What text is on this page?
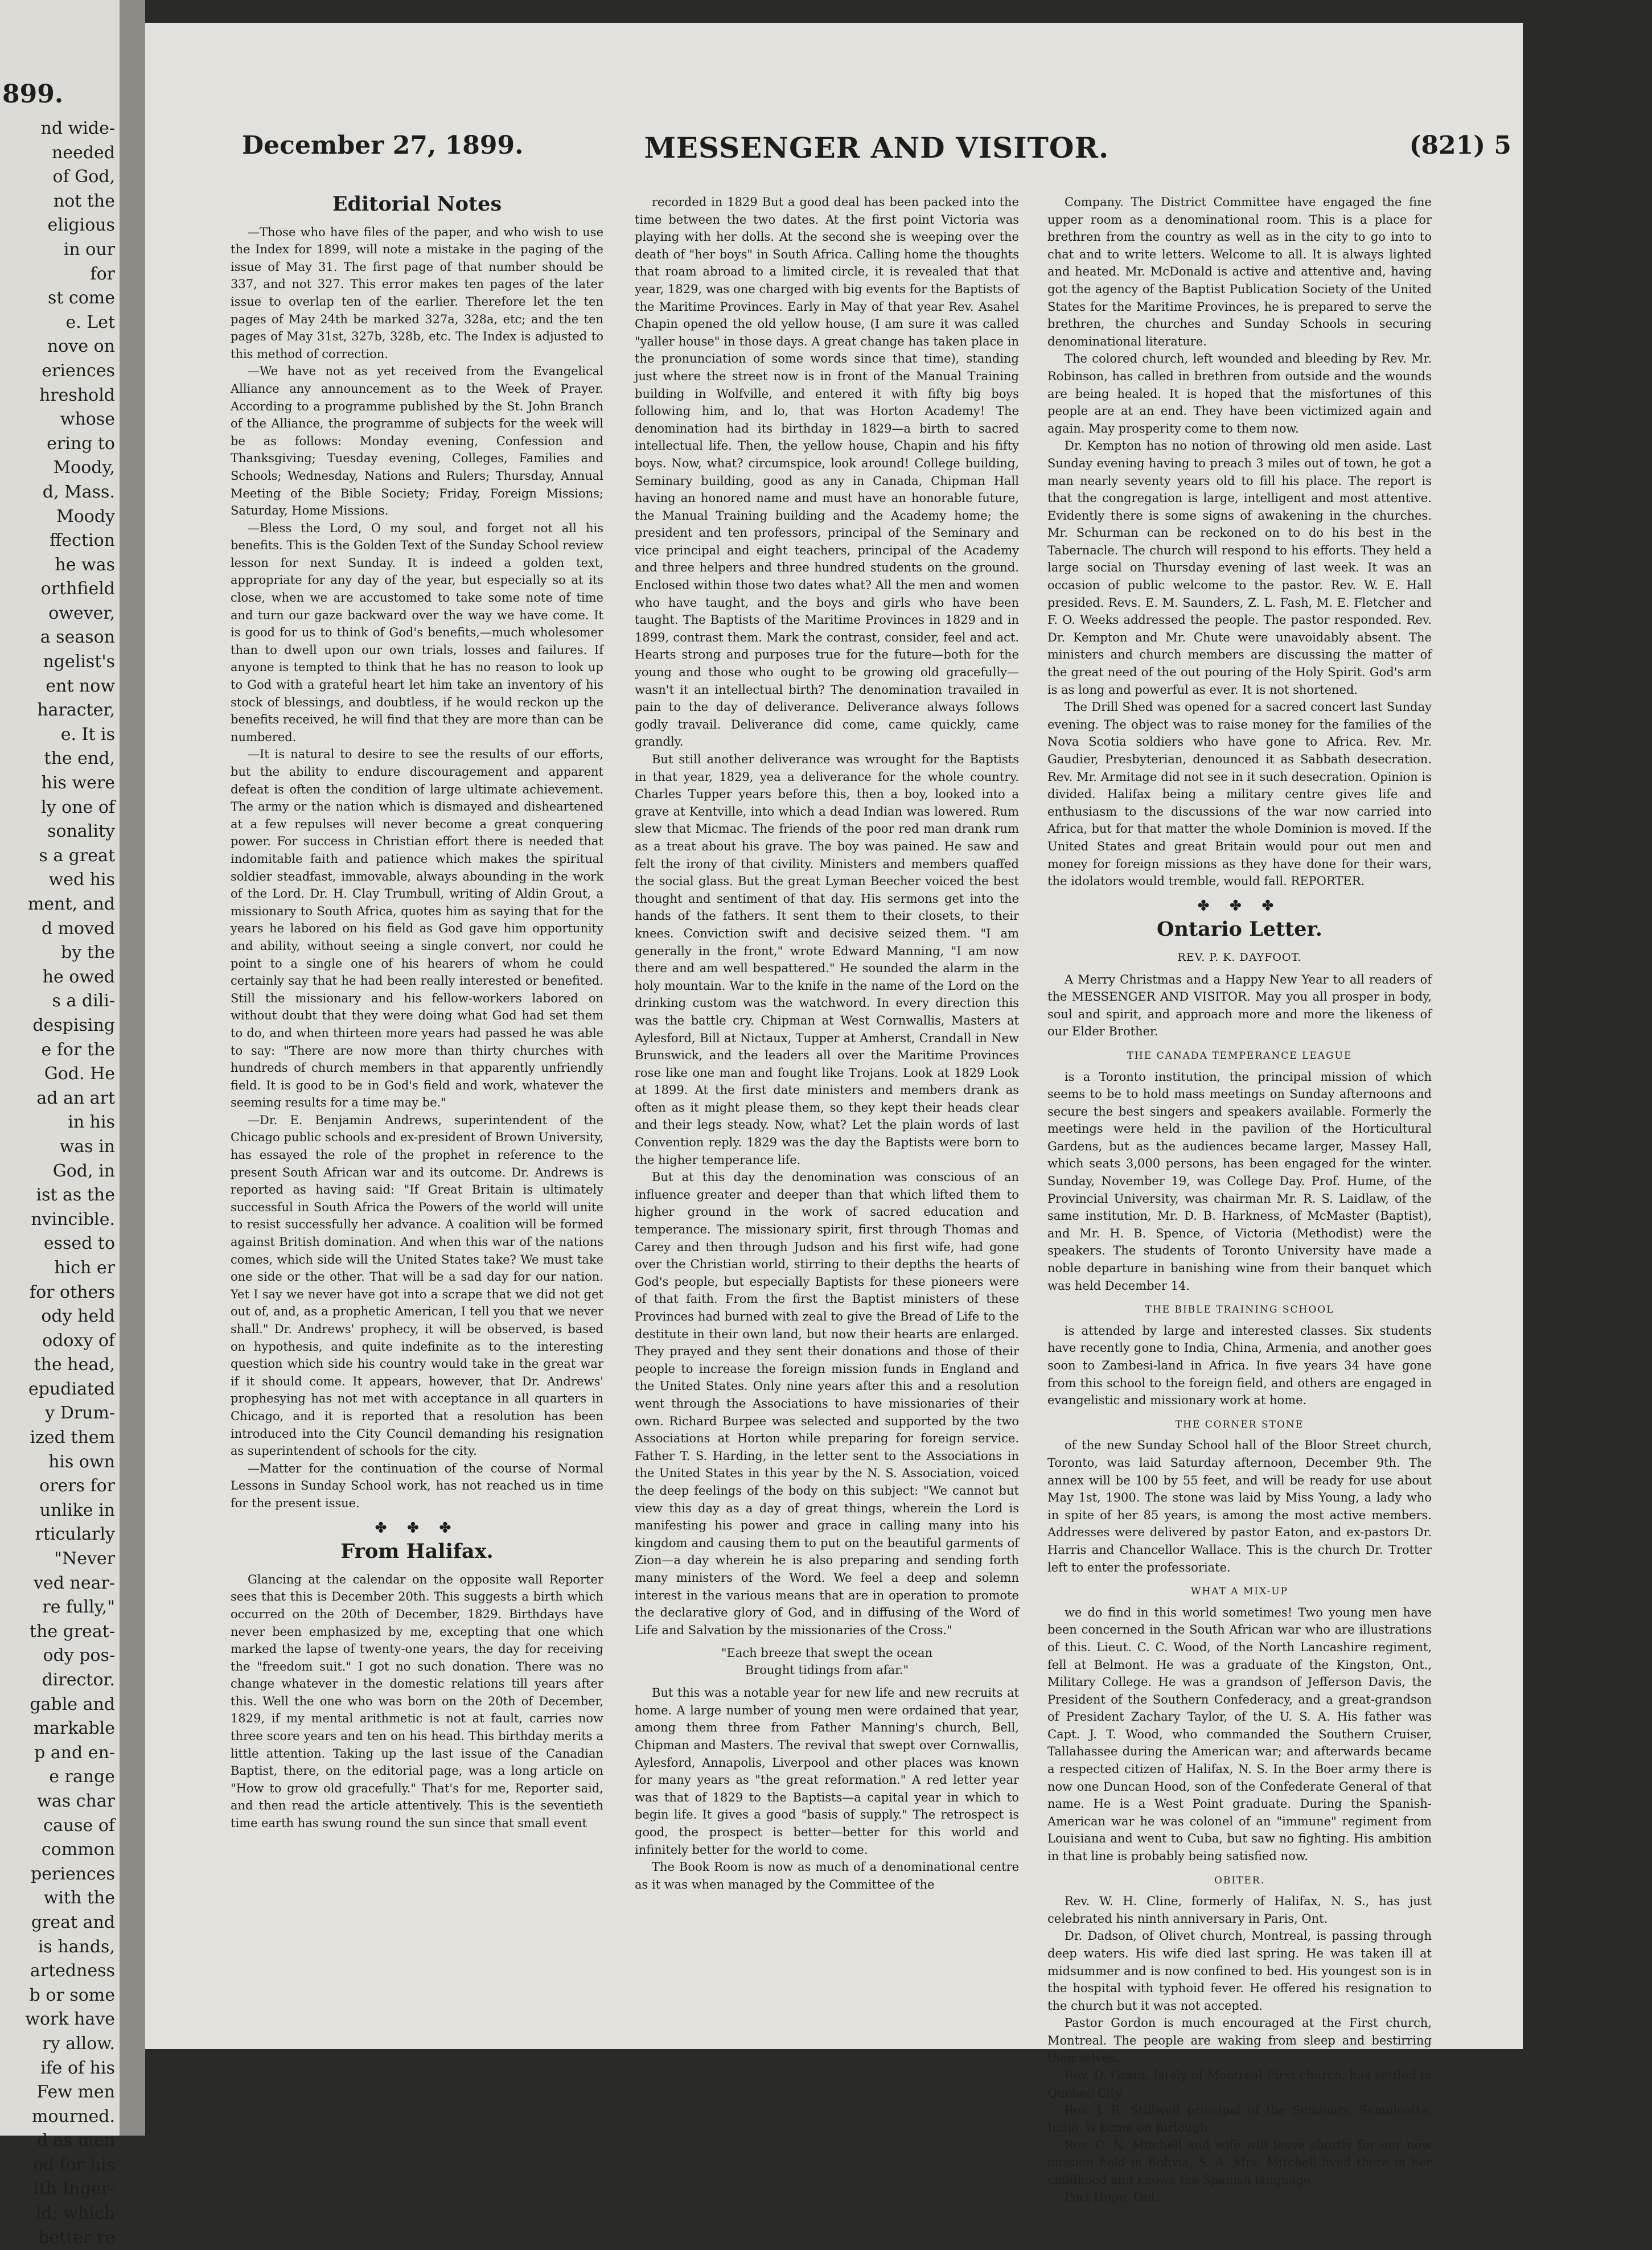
899.
nd wide-
needed
of God,
not the
eligious
in our
for
st come
e. Let
nove on
eriences
hreshold
whose
ering to
Moody,
d, Mass.
Moody
ffection
he was
orthfield
owever,
a season
ngelist's
ent now
haracter,
e. It is
the end,
his were
ly one of
sonality
s a great
wed his
ment, and
d moved
by the
he owed
s a dili-
despising
e for the
God. He
ad an art
in his
was in
God, in
ist as the
nvincible.
essed to
hich er
for others
ody held
odoxy of
the head,
epudiated
y Drum-
ized them
his own
orers for
unlike in
rticularly
"Never
ved near-
re fully,"
the great-
ody pos-
director.
gable and
markable
p and en-
e range
was char
cause of
common
periences
with the
great and
is hands,
artedness
b or some
work have
ry allow.
ife of his
Few men
mourned.
d as men
od for his
ith Inger-
ld; which
better re
December 27, 1899.	MESSENGER AND VISITOR.	(821) 5
Editorial Notes

—Those who have files of the paper, and who wish to use the Index for 1899, will note a mistake in the paging of the issue of May 31. The first page of that number should be 337, and not 327. This error makes ten pages of the later issue to overlap ten of the earlier. Therefore let the ten pages of May 24th be marked 327a, 328a, etc; and the ten pages of May 31st, 327b, 328b, etc. The Index is adjusted to this method of correction.

—We have not as yet received from the Evangelical Alliance any announcement as to the Week of Prayer. According to a programme published by the St. John Branch of the Alliance, the programme of subjects for the week will be as follows: Monday evening, Confession and Thanksgiving; Tuesday evening, Colleges, Families and Schools; Wednesday, Nations and Rulers; Thursday, Annual Meeting of the Bible Society; Friday, Foreign Missions; Saturday, Home Missions.

—Bless the Lord, O my soul, and forget not all his benefits. This is the Golden Text of the Sunday School review lesson for next Sunday. It is indeed a golden text, appropriate for any day of the year, but especially so at its close, when we are accustomed to take some note of time and turn our gaze backward over the way we have come. It is good for us to think of God's benefits,—much wholesomer than to dwell upon our own trials, losses and failures. If anyone is tempted to think that he has no reason to look up to God with a grateful heart let him take an inventory of his stock of blessings, and doubtless, if he would reckon up the benefits received, he will find that they are more than can be numbered.

—It is natural to desire to see the results of our efforts, but the ability to endure discouragement and apparent defeat is often the condition of large ultimate achievement. The army or the nation which is dismayed and disheartened at a few repulses will never become a great conquering power. For success in Christian effort there is needed that indomitable faith and patience which makes the spiritual soldier steadfast, immovable, always abounding in the work of the Lord. Dr. H. Clay Trumbull, writing of Aldin Grout, a missionary to South Africa, quotes him as saying that for the years he labored on his field as God gave him opportunity and ability, without seeing a single convert, nor could he point to a single one of his hearers of whom he could certainly say that he had been really interested or benefited. Still the missionary and his fellow-workers labored on without doubt that they were doing what God had set them to do, and when thirteen more years had passed he was able to say: "There are now more than thirty churches with hundreds of church members in that apparently unfriendly field. It is good to be in God's field and work, whatever the seeming results for a time may be."

—Dr. E. Benjamin Andrews, superintendent of the Chicago public schools and ex-president of Brown University, has essayed the role of the prophet in reference to the present South African war and its outcome. Dr. Andrews is reported as having said: "If Great Britain is ultimately successful in South Africa the Powers of the world will unite to resist successfully her advance. A coalition will be formed against British domination. And when this war of the nations comes, which side will the United States take? We must take one side or the other. That will be a sad day for our nation. Yet I say we never have got into a scrape that we did not get out of, and, as a prophetic American, I tell you that we never shall." Dr. Andrews' prophecy, it will be observed, is based on hypothesis, and quite indefinite as to the interesting question which side his country would take in the great war if it should come. It appears, however, that Dr. Andrews' prophesying has not met with acceptance in all quarters in Chicago, and it is reported that a resolution has been introduced into the City Council demanding his resignation as superintendent of schools for the city.

—Matter for the continuation of the course of Normal Lessons in Sunday School work, has not reached us in time for the present issue.

✤ ✤ ✤
From Halifax.

Glancing at the calendar on the opposite wall Reporter sees that this is December 20th. This suggests a birth which occurred on the 20th of December, 1829. Birthdays have never been emphasized by me, excepting that one which marked the lapse of twenty-one years, the day for receiving the "freedom suit." I got no such donation. There was no change whatever in the domestic relations till years after this. Well the one who was born on the 20th of December, 1829, if my mental arithmetic is not at fault, carries now three score years and ten on his head. This birthday merits a little attention. Taking up the last issue of the Canadian Baptist, there, on the editorial page, was a long article on "How to grow old gracefully." That's for me, Reporter said, and then read the article attentively. This is the seventieth time earth has swung round the sun since that small event

recorded in 1829 But a good deal has been packed into the time between the two dates. At the first point Victoria was playing with her dolls. At the second she is weeping over the death of "her boys" in South Africa. Calling home the thoughts that roam abroad to a limited circle, it is revealed that that year, 1829, was one charged with big events for the Baptists of the Maritime Provinces. Early in May of that year Rev. Asahel Chapin opened the old yellow house, (I am sure it was called "yaller house" in those days. A great change has taken place in the pronunciation of some words since that time), standing just where the street now is in front of the Manual Training building in Wolfville, and entered it with fifty big boys following him, and lo, that was Horton Academy! The denomination had its birthday in 1829—a birth to sacred intellectual life. Then, the yellow house, Chapin and his fifty boys. Now, what? circumspice, look around! College building, Seminary building, good as any in Canada, Chipman Hall having an honored name and must have an honorable future, the Manual Training building and the Academy home; the president and ten professors, principal of the Seminary and vice principal and eight teachers, principal of the Academy and three helpers and three hundred students on the ground. Enclosed within those two dates what? All the men and women who have taught, and the boys and girls who have been taught. The Baptists of the Maritime Provinces in 1829 and in 1899, contrast them. Mark the contrast, consider, feel and act. Hearts strong and purposes true for the future—both for the young and those who ought to be growing old gracefully—wasn't it an intellectual birth? The denomination travailed in pain to the day of deliverance. Deliverance always follows godly travail. Deliverance did come, came quickly, came grandly.

But still another deliverance was wrought for the Baptists in that year, 1829, yea a deliverance for the whole country. Charles Tupper years before this, then a boy, looked into a grave at Kentville, into which a dead Indian was lowered. Rum slew that Micmac. The friends of the poor red man drank rum as a treat about his grave. The boy was pained. He saw and felt the irony of that civility. Ministers and members quaffed the social glass. But the great Lyman Beecher voiced the best thought and sentiment of that day. His sermons get into the hands of the fathers. It sent them to their closets, to their knees. Conviction swift and decisive seized them. "I am generally in the front," wrote Edward Manning, "I am now there and am well bespattered." He sounded the alarm in the holy mountain. War to the knife in the name of the Lord on the drinking custom was the watchword. In every direction this was the battle cry. Chipman at West Cornwallis, Masters at Aylesford, Bill at Nictaux, Tupper at Amherst, Crandall in New Brunswick, and the leaders all over the Maritime Provinces rose like one man and fought like Trojans. Look at 1829 Look at 1899. At the first date ministers and members drank as often as it might please them, so they kept their heads clear and their legs steady. Now, what? Let the plain words of last Convention reply. 1829 was the day the Baptists were born to the higher temperance life.

But at this day the denomination was conscious of an influence greater and deeper than that which lifted them to higher ground in the work of sacred education and temperance. The missionary spirit, first through Thomas and Carey and then through Judson and his first wife, had gone over the Christian world, stirring to their depths the hearts of God's people, but especially Baptists for these pioneers were of that faith. From the first the Baptist ministers of these Provinces had burned with zeal to give the Bread of Life to the destitute in their own land, but now their hearts are enlarged. They prayed and they sent their donations and those of their people to increase the foreign mission funds in England and the United States. Only nine years after this and a resolution went through the Associations to have missionaries of their own. Richard Burpee was selected and supported by the two Associations at Horton while preparing for foreign service. Father T. S. Harding, in the letter sent to the Associations in the United States in this year by the N. S. Association, voiced the deep feelings of the body on this subject: "We cannot but view this day as a day of great things, wherein the Lord is manifesting his power and grace in calling many into his kingdom and causing them to put on the beautiful garments of Zion—a day wherein he is also preparing and sending forth many ministers of the Word. We feel a deep and solemn interest in the various means that are in operation to promote the declarative glory of God, and in diffusing of the Word of Life and Salvation by the missionaries of the Cross."

"Each breeze that swept the ocean
Brought tidings from afar."

But this was a notable year for new life and new recruits at home. A large number of young men were ordained that year, among them three from Father Manning's church, Bell, Chipman and Masters. The revival that swept over Cornwallis, Aylesford, Annapolis, Liverpool and other places was known for many years as "the great reformation." A red letter year was that of 1829 to the Baptists—a capital year in which to begin life. It gives a good "basis of supply." The retrospect is good, the prospect is better—better for this world and infinitely better for the world to come.

The Book Room is now as much of a denominational centre as it was when managed by the Committee of the

Company. The District Committee have engaged the fine upper room as a denominational room. This is a place for brethren from the country as well as in the city to go into to chat and to write letters. Welcome to all. It is always lighted and heated. Mr. McDonald is active and attentive and, having got the agency of the Baptist Publication Society of the United States for the Maritime Provinces, he is prepared to serve the brethren, the churches and Sunday Schools in securing denominational literature.

The colored church, left wounded and bleeding by Rev. Mr. Robinson, has called in brethren from outside and the wounds are being healed. It is hoped that the misfortunes of this people are at an end. They have been victimized again and again. May prosperity come to them now.

Dr. Kempton has no notion of throwing old men aside. Last Sunday evening having to preach 3 miles out of town, he got a man nearly seventy years old to fill his place. The report is that the congregation is large, intelligent and most attentive. Evidently there is some signs of awakening in the churches. Mr. Schurman can be reckoned on to do his best in the Tabernacle. The church will respond to his efforts. They held a large social on Thursday evening of last week. It was an occasion of public welcome to the pastor. Rev. W. E. Hall presided. Revs. E. M. Saunders, Z. L. Fash, M. E. Fletcher and F. O. Weeks addressed the people. The pastor responded. Rev. Dr. Kempton and Mr. Chute were unavoidably absent. The ministers and church members are discussing the matter of the great need of the out pouring of the Holy Spirit. God's arm is as long and powerful as ever. It is not shortened.

The Drill Shed was opened for a sacred concert last Sunday evening. The object was to raise money for the families of the Nova Scotia soldiers who have gone to Africa. Rev. Mr. Gaudier, Presbyterian, denounced it as Sabbath desecration. Rev. Mr. Armitage did not see in it such desecration. Opinion is divided. Halifax being a military centre gives life and enthusiasm to the discussions of the war now carried into Africa, but for that matter the whole Dominion is moved. If the United States and great Britain would pour out men and money for foreign missions as they have done for their wars, the idolators would tremble, would fall. REPORTER.

✤ ✤ ✤
Ontario Letter.
REV. P. K. DAYFOOT.

A Merry Christmas and a Happy New Year to all readers of the MESSENGER AND VISITOR. May you all prosper in body, soul and spirit, and approach more and more the likeness of our Elder Brother.

THE CANADA TEMPERANCE LEAGUE

is a Toronto institution, the principal mission of which seems to be to hold mass meetings on Sunday afternoons and secure the best singers and speakers available. Formerly the meetings were held in the pavilion of the Horticultural Gardens, but as the audiences became larger, Massey Hall, which seats 3,000 persons, has been engaged for the winter. Sunday, November 19, was College Day. Prof. Hume, of the Provincial University, was chairman Mr. R. S. Laidlaw, of the same institution, Mr. D. B. Harkness, of McMaster (Baptist), and Mr. H. B. Spence, of Victoria (Methodist) were the speakers. The students of Toronto University have made a noble departure in banishing wine from their banquet which was held December 14.

THE BIBLE TRAINING SCHOOL

is attended by large and interested classes. Six students have recently gone to India, China, Armenia, and another goes soon to Zambesi-land in Africa. In five years 34 have gone from this school to the foreign field, and others are engaged in evangelistic and missionary work at home.

THE CORNER STONE

of the new Sunday School hall of the Bloor Street church, Toronto, was laid Saturday afternoon, December 9th. The annex will be 100 by 55 feet, and will be ready for use about May 1st, 1900. The stone was laid by Miss Young, a lady who in spite of her 85 years, is among the most active members. Addresses were delivered by pastor Eaton, and ex-pastors Dr. Harris and Chancellor Wallace. This is the church Dr. Trotter left to enter the professoriate.

WHAT A MIX-UP

we do find in this world sometimes! Two young men have been concerned in the South African war who are illustrations of this. Lieut. C. C. Wood, of the North Lancashire regiment, fell at Belmont. He was a graduate of the Kingston, Ont., Military College. He was a grandson of Jefferson Davis, the President of the Southern Confederacy, and a great-grandson of President Zachary Taylor, of the U. S. A. His father was Capt. J. T. Wood, who commanded the Southern Cruiser, Tallahassee during the American war; and afterwards became a respected citizen of Halifax, N. S. In the Boer army there is now one Duncan Hood, son of the Confederate General of that name. He is a West Point graduate. During the Spanish-American war he was colonel of an "immune" regiment from Louisiana and went to Cuba, but saw no fighting. His ambition in that line is probably being satisfied now.

OBITER.

Rev. W. H. Cline, formerly of Halifax, N. S., has just celebrated his ninth anniversary in Paris, Ont.

Dr. Dadson, of Olivet church, Montreal, is passing through deep waters. His wife died last spring. He was taken ill at midsummer and is now confined to bed. His youngest son is in the hospital with typhoid fever. He offered his resignation to the church but it was not accepted.

Pastor Gordon is much encouraged at the First church, Montreal. The people are waking from sleep and bestirring themselves.

Rev. D. Grant, lately of Montreal First church, has settled in Quebec City.

Rev. J. R. Stillwell principal of the Seminary, Samulcotta, India, is home on furlough.

Rev. C. N. Mitchell and wife will leave shortly for our new mission field in Bolivia, S. A. Mrs. Mitchell lived there in her childhood and knows the Spanish language.

Port Hope, Ont.
